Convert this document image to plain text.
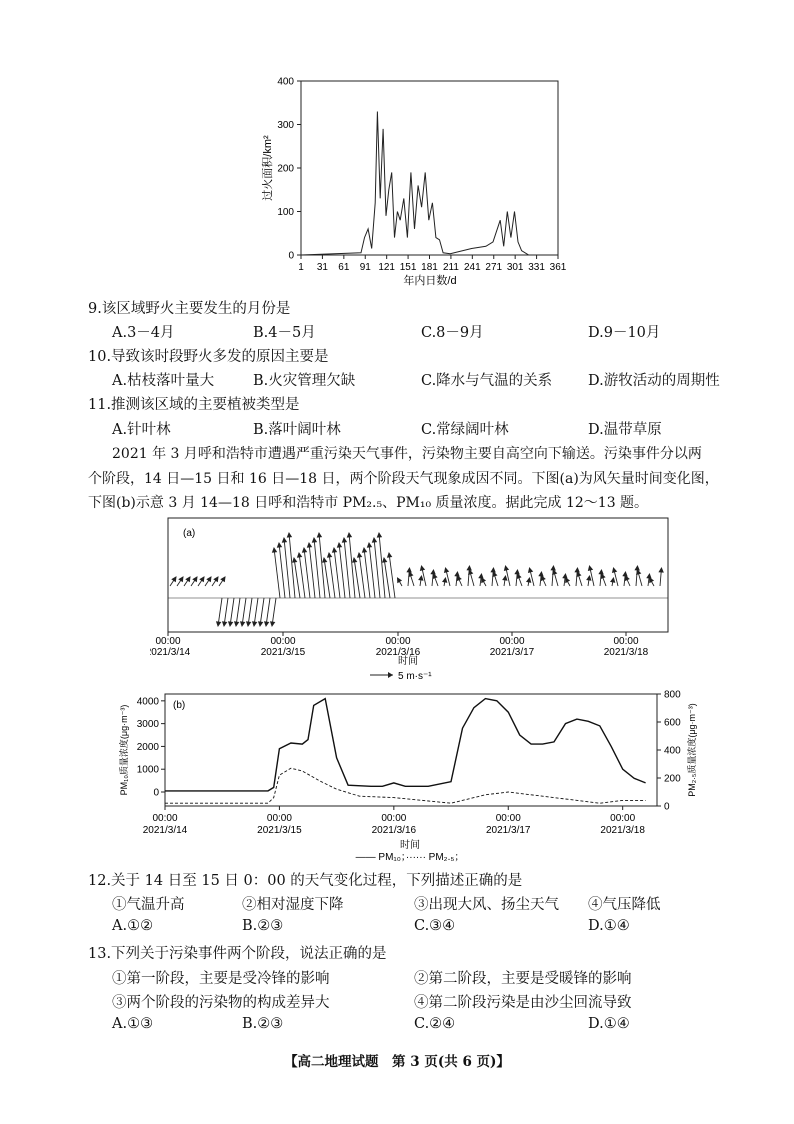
400
300
200
100
0
1 31 61 91 121 151 181 211 241 271 301 331 361
过火面积/km²
年内日数/d
9.该区域野火主要发生的月份是
A.3－4月	B.4－5月	C.8－9月	D.9－10月
10.导致该时段野火多发的原因主要是
A.枯枝落叶量大	B.火灾管理欠缺	C.降水与气温的关系 D.游牧活动的周期性
11.推测该区域的主要植被类型是
A.针叶林	B.落叶阔叶林	C.常绿阔叶林	D.温带草原
2021 年 3 月呼和浩特市遭遇严重污染天气事件，污染物主要自高空向下输送。污染事件分以两
个阶段，14 日—15 日和 16 日—18 日，两个阶段天气现象成因不同。下图(a)为风矢量时间变化图，
下图(b)示意 3 月 14—18 日呼和浩特市 PM₂.₅、PM₁₀ 质量浓度。据此完成 12～13 题。
(a)
00:00
2021/3/14
00:00
2021/3/15
00:00
2021/3/16
00:00
2021/3/17
00:00
2021/3/18
时间
5 m·s⁻¹
(b)
4000
3000
2000
1000
0
800
600
400
200
0
00:00
2021/3/14
00:00
2021/3/15
00:00
2021/3/16
00:00
2021/3/17
00:00
2021/3/18
PM₁₀质量浓度(μg·m⁻³)	PM₂.₅质量浓度(μg·m⁻³)
时间
—— PM₁₀；······ PM₂.₅；
12.关于 14 日至 15 日 0：00 的天气变化过程，下列描述正确的是
①气温升高	②相对湿度下降	③出现大风、扬尘天气 ④气压降低
A.①②	B.②③	C.③④	D.①④
13.下列关于污染事件两个阶段，说法正确的是
①第一阶段，主要是受冷锋的影响	②第二阶段，主要是受暖锋的影响
③两个阶段的污染物的构成差异大	④第二阶段污染是由沙尘回流导致
A.①③	B.②③	C.②④	D.①④
【高二地理试题　第 3 页(共 6 页)】
